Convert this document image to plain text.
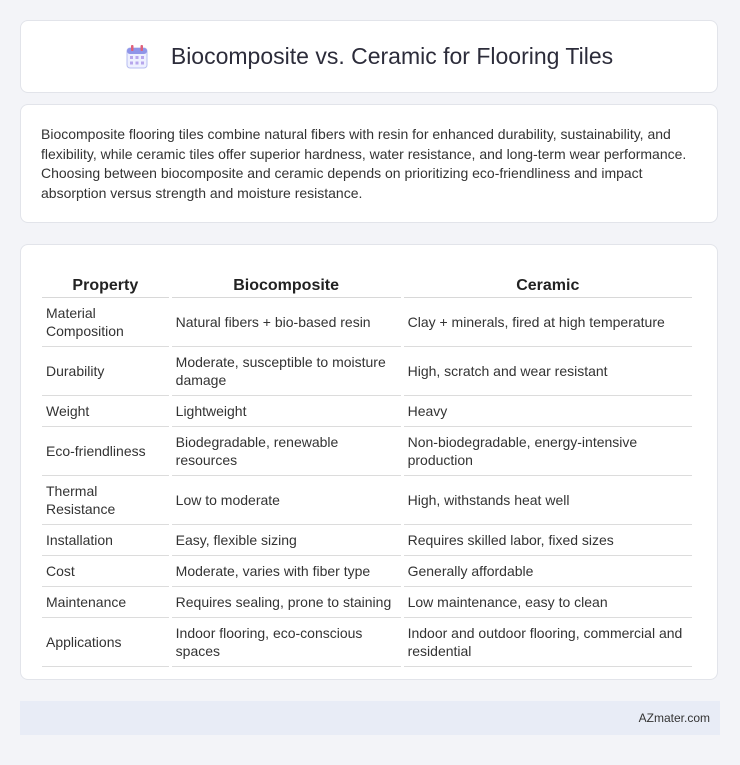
Biocomposite vs. Ceramic for Flooring Tiles

Biocomposite flooring tiles combine natural fibers with resin for enhanced durability, sustainability, and flexibility, while ceramic tiles offer superior hardness, water resistance, and long-term wear performance. Choosing between biocomposite and ceramic depends on prioritizing eco-friendliness and impact absorption versus strength and moisture resistance.

Property	Biocomposite	Ceramic
Material Composition	Natural fibers + bio-based resin	Clay + minerals, fired at high temperature
Durability	Moderate, susceptible to moisture damage	High, scratch and wear resistant
Weight	Lightweight	Heavy
Eco-friendliness	Biodegradable, renewable resources	Non-biodegradable, energy-intensive production
Thermal Resistance	Low to moderate	High, withstands heat well
Installation	Easy, flexible sizing	Requires skilled labor, fixed sizes
Cost	Moderate, varies with fiber type	Generally affordable
Maintenance	Requires sealing, prone to staining	Low maintenance, easy to clean
Applications	Indoor flooring, eco-conscious spaces	Indoor and outdoor flooring, commercial and residential
AZmater.com
